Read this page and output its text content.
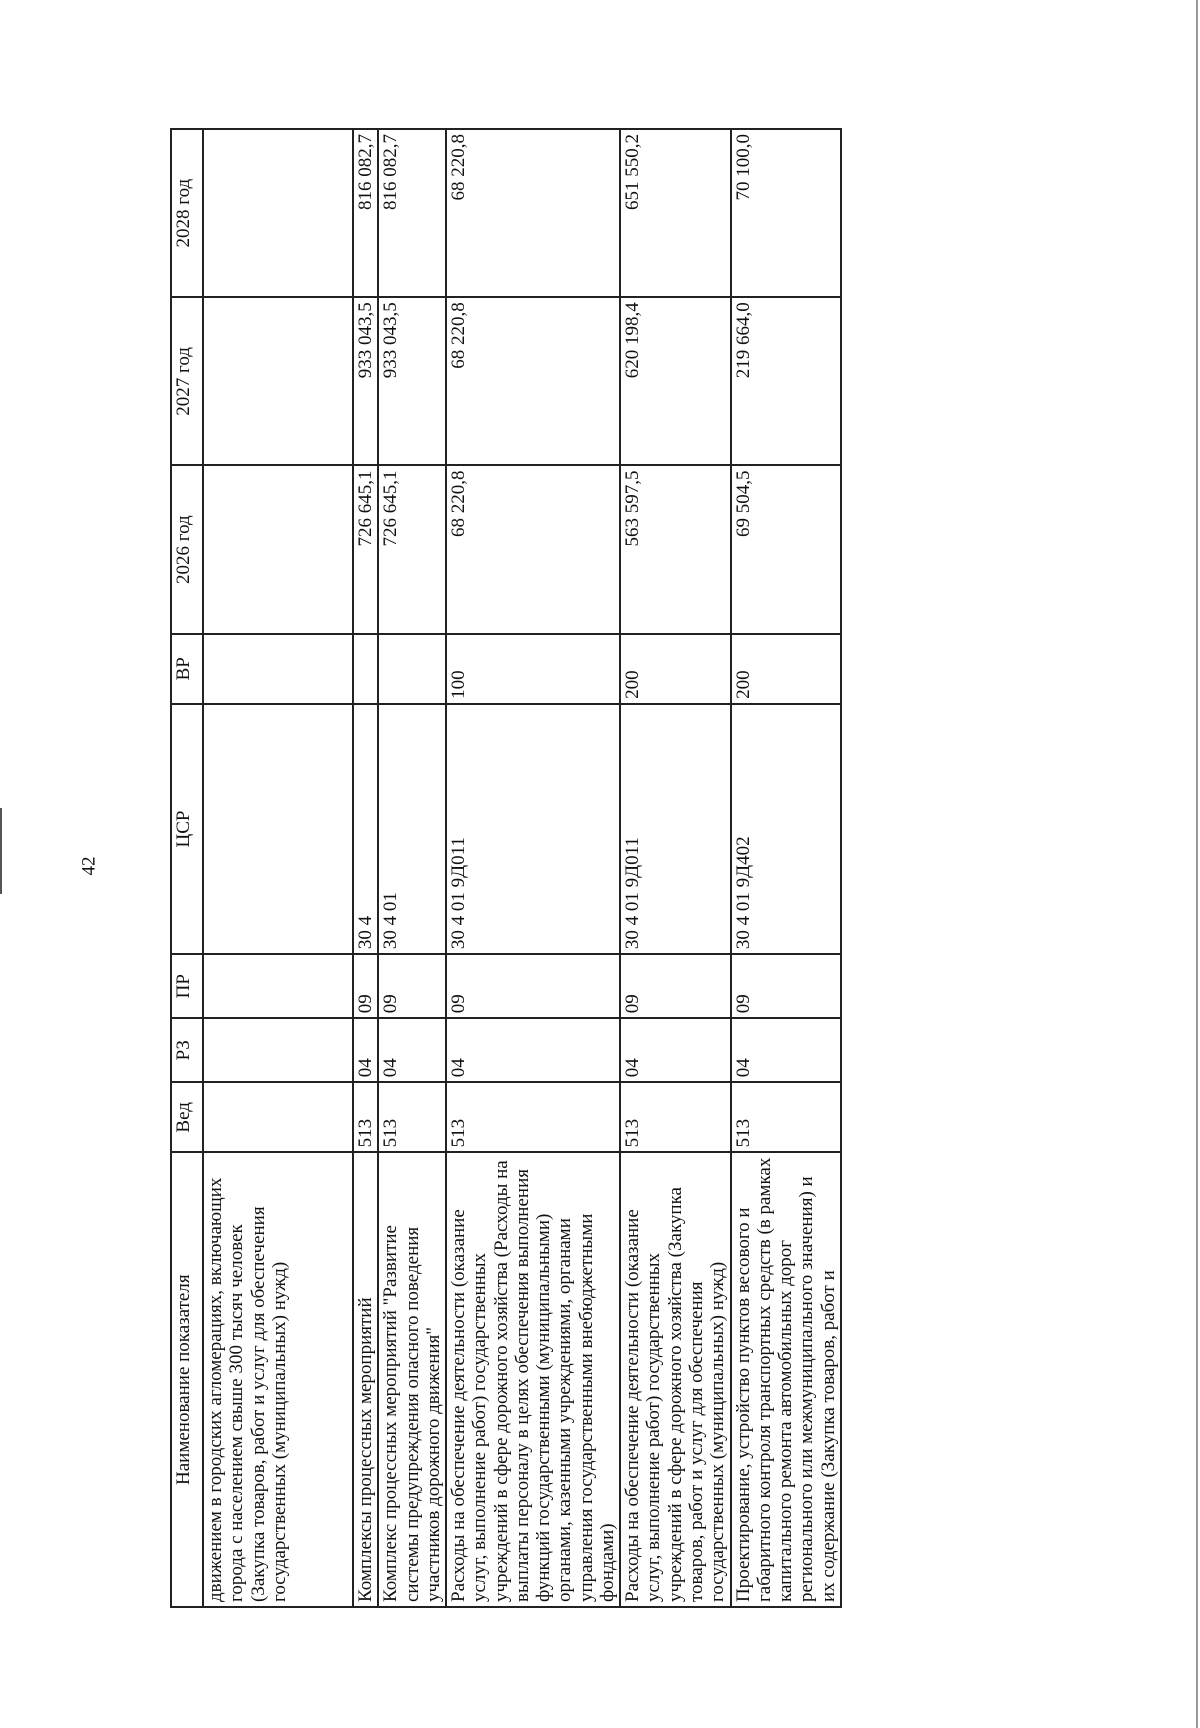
42
Наименование показателя	Вед	РЗ	ПР	ЦСР	ВР	2026 год	2027 год	2028 год
движением в городских агломерациях, включающих города с населением свыше 300 тысяч человек (Закупка товаров, работ и услуг для обеспечения государственных (муниципальных) нужд)								
Комплексы процессных мероприятий	513	04	09	30 4		726 645,1	933 043,5	816 082,7
Комплекс процессных мероприятий "Развитие системы предупреждения опасного поведения участников дорожного движения"	513	04	09	30 4 01		726 645,1	933 043,5	816 082,7
Расходы на обеспечение деятельности (оказание услуг, выполнение работ) государственных учреждений в сфере дорожного хозяйства (Расходы на выплаты персоналу в целях обеспечения выполнения функций государственными (муниципальными) органами, казенными учреждениями, органами управления государственными внебюджетными фондами)	513	04	09	30 4 01 9Д011	100	68 220,8	68 220,8	68 220,8
Расходы на обеспечение деятельности (оказание услуг, выполнение работ) государственных учреждений в сфере дорожного хозяйства (Закупка товаров, работ и услуг для обеспечения государственных (муниципальных) нужд)	513	04	09	30 4 01 9Д011	200	563 597,5	620 198,4	651 550,2
Проектирование, устройство пунктов весового и габаритного контроля транспортных средств (в рамках капитального ремонта автомобильных дорог регионального или межмуниципального значения) и их содержание (Закупка товаров, работ и	513	04	09	30 4 01 9Д402	200	69 504,5	219 664,0	70 100,0
